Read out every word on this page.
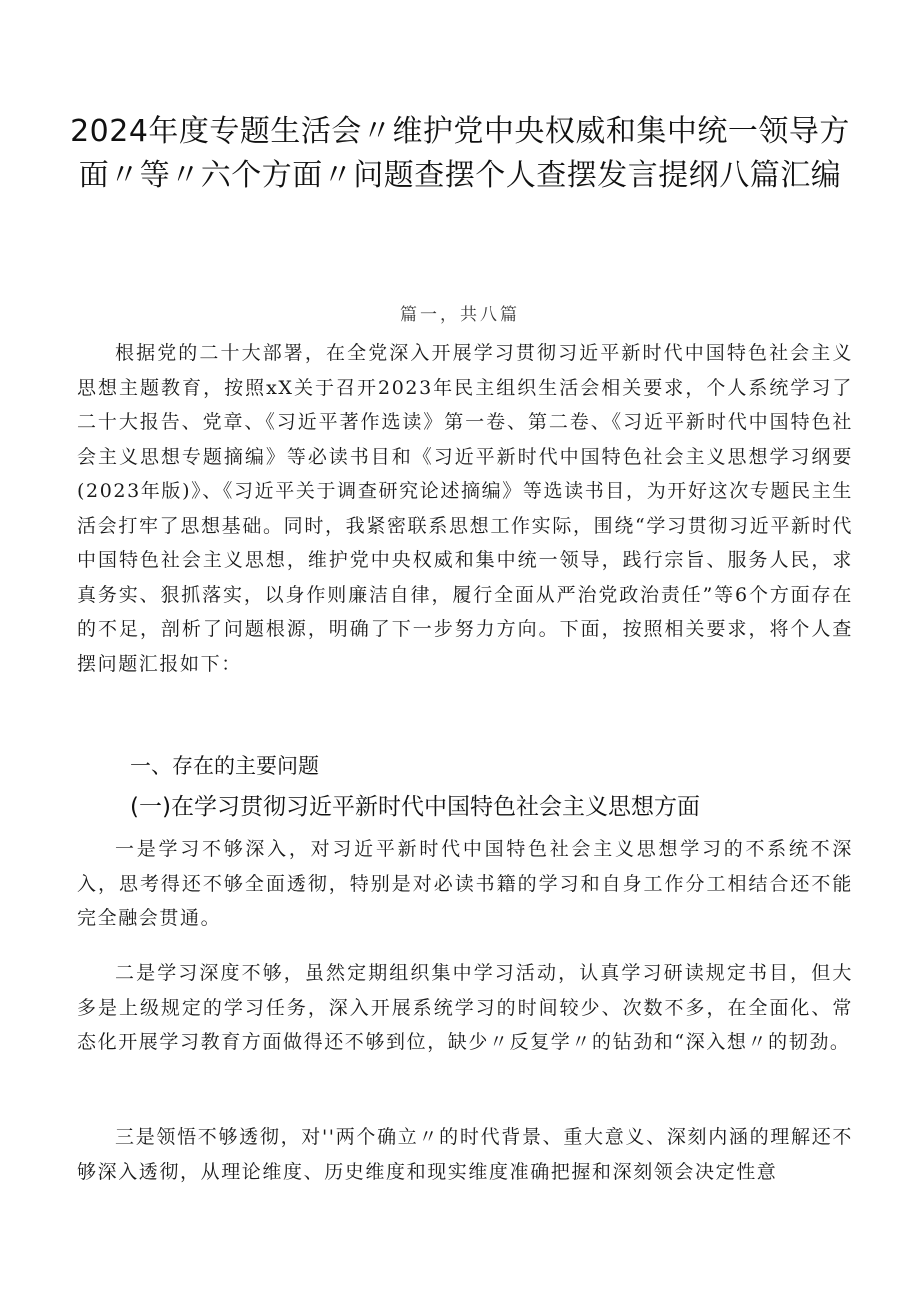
2024年度专题生活会〃维护党中央权威和集中统一领导方面〃等〃六个方面〃问题查摆个人查摆发言提纲八篇汇编
篇一，共八篇

根据党的二十大部署，在全党深入开展学习贯彻习近平新时代中国特色社会主义思想主题教育，按照xX关于召开2023年民主组织生活会相关要求，个人系统学习了二十大报告、党章、《习近平著作选读》第一卷、第二卷、《习近平新时代中国特色社会主义思想专题摘编》等必读书目和《习近平新时代中国特色社会主义思想学习纲要(2023年版)》、《习近平关于调查研究论述摘编》等选读书目，为开好这次专题民主生活会打牢了思想基础。同时，我紧密联系思想工作实际，围绕“学习贯彻习近平新时代中国特色社会主义思想，维护党中央权威和集中统一领导，践行宗旨、服务人民，求真务实、狠抓落实，以身作则廉洁自律，履行全面从严治党政治责任”等6个方面存在的不足，剖析了问题根源，明确了下一步努力方向。下面，按照相关要求，将个人查摆问题汇报如下：

一、存在的主要问题
(一)在学习贯彻习近平新时代中国特色社会主义思想方面

一是学习不够深入，对习近平新时代中国特色社会主义思想学习的不系统不深入，思考得还不够全面透彻，特别是对必读书籍的学习和自身工作分工相结合还不能完全融会贯通。

二是学习深度不够，虽然定期组织集中学习活动，认真学习研读规定书目，但大多是上级规定的学习任务，深入开展系统学习的时间较少、次数不多，在全面化、常态化开展学习教育方面做得还不够到位，缺少〃反复学〃的钻劲和“深入想〃的韧劲。

三是领悟不够透彻，对''两个确立〃的时代背景、重大意义、深刻内涵的理解还不够深入透彻，从理论维度、历史维度和现实维度准确把握和深刻领会决定性意
